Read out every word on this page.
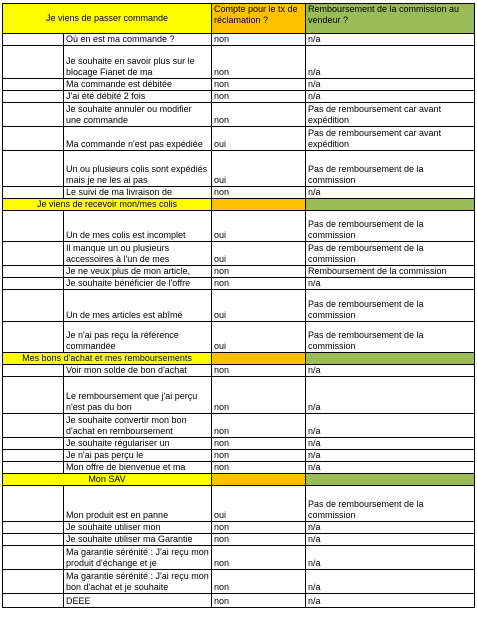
Je viens de passer commande		Compte pour le tx de réclamation ?	Remboursement de la commission au vendeur ?
	Où en est ma commande ?	non	n/a
	Je souhaite en savoir plus sur le blocage Fianet de ma	non	n/a
	Ma commande est débitée	non	n/a
	J'ai été débité 2 fois	non	n/a
	Je souhaite annuler ou modifier une commande	non	Pas de remboursement car avant expédition
	Ma commande n'est pas expédiée	oui	Pas de remboursement car avant expédition
	Un ou plusieurs colis sont expédiés mais je ne les ai pas	oui	Pas de remboursement de la commission
	Le suivi de ma livraison de	non	n/a
Je viens de recevoir mon/mes colis			
	Un de mes colis est incomplet	oui	Pas de remboursement de la commission
	Il manque un ou plusieurs accessoires à l'un de mes	oui	Pas de remboursement de la commission
	Je ne veux plus de mon article,	non	Remboursement de la commission
	Je souhaite bénéficier de l'offre	non	n/a
	Un de mes articles est abîmé	oui	Pas de remboursement de la commission
	Je n'ai pas reçu la référence commandée	oui	Pas de remboursement de la commission
Mes bons d'achat et mes remboursements			
	Voir mon solde de bon d'achat	non	n/a
	Le remboursement que j'ai perçu n'est pas du bon	non	n/a
	Je souhaite convertir mon bon d'achat en remboursement	non	n/a
	Je souhaite régulariser un	non	n/a
	Je n'ai pas perçu le	non	n/a
	Mon offre de bienvenue et ma	non	n/a
Mon SAV			
	Mon produit est en panne	oui	Pas de remboursement de la commission
	Je souhaite utiliser mon	non	n/a
	Je souhaite utiliser ma Garantie	non	n/a
	Ma garantie sérénité : J'ai reçu mon produit d'échange et je	non	n/a
	Ma garantie sérénité : J'ai reçu mon bon d'achat et je souhaite	non	n/a
	DEEE	non	n/a
